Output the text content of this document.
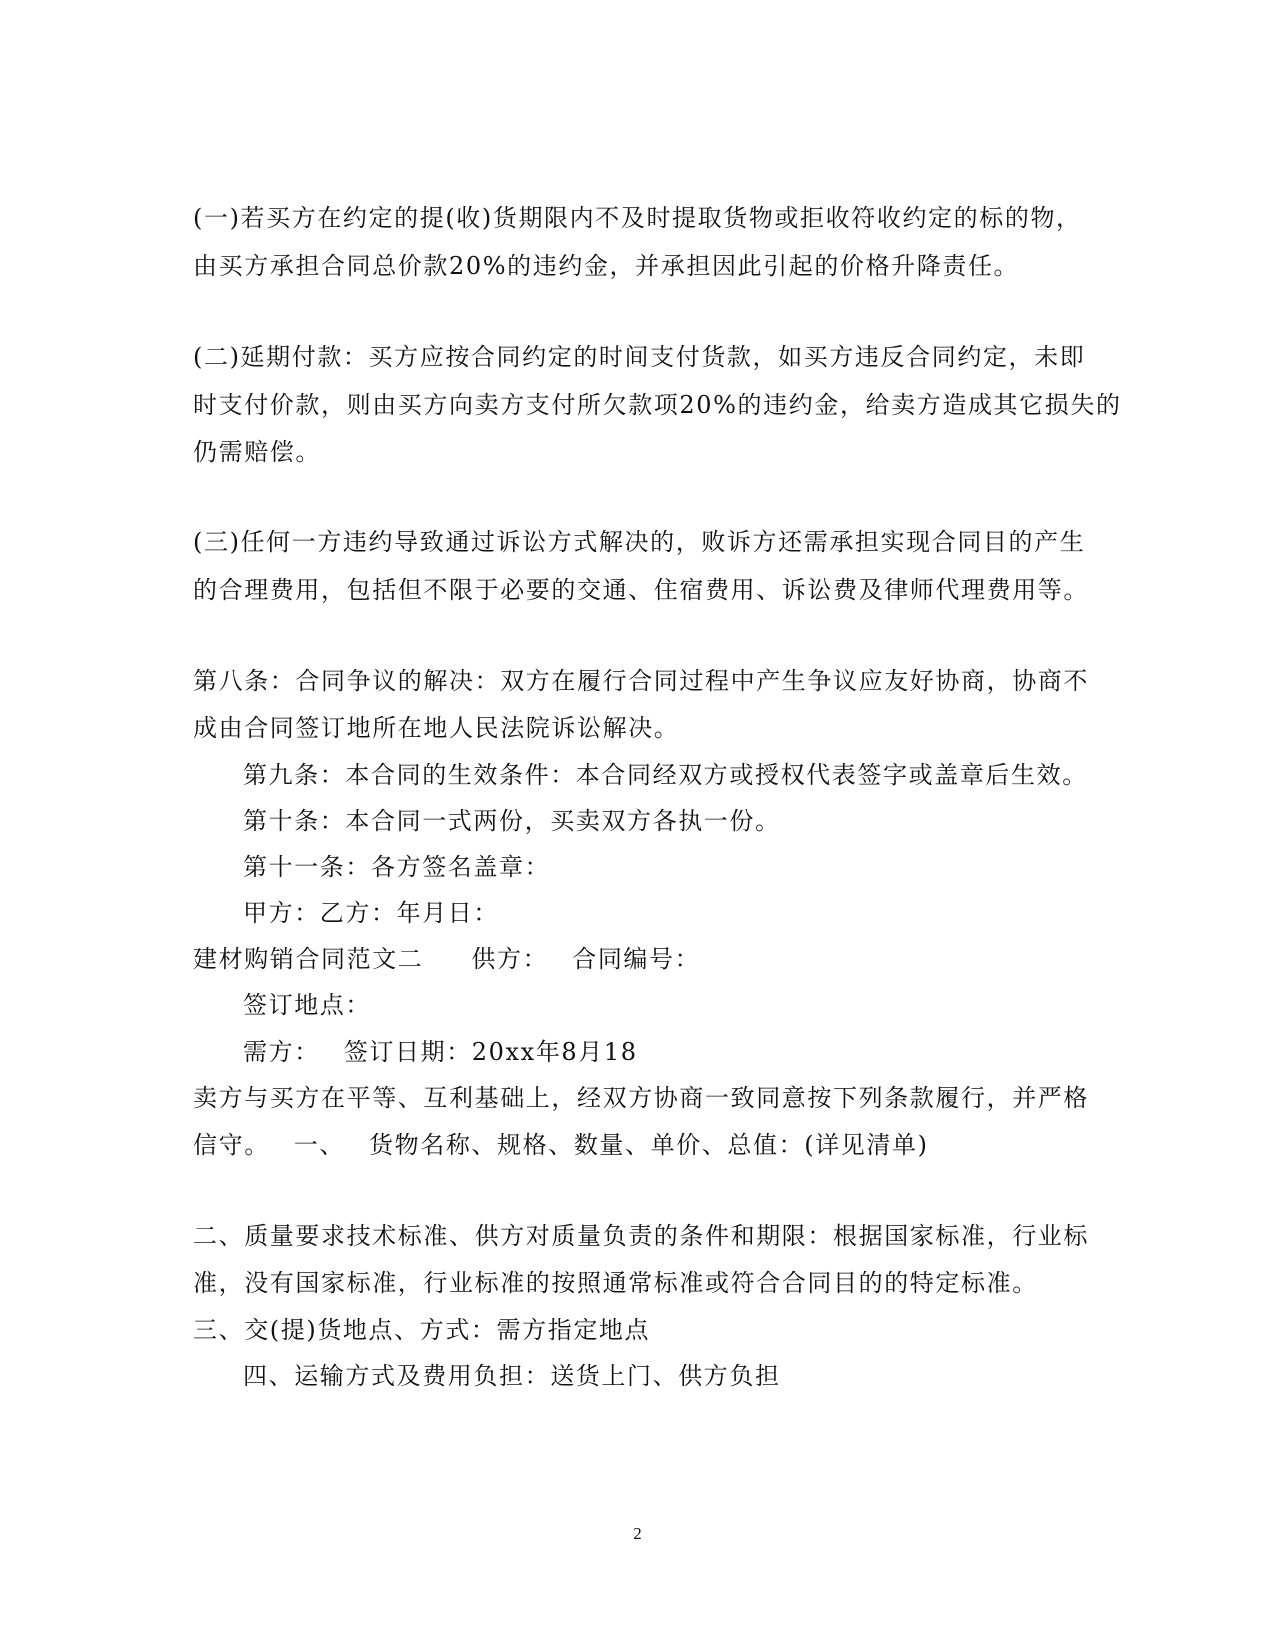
(一)若买方在约定的提(收)货期限内不及时提取货物或拒收符收约定的标的物，
由买方承担合同总价款20%的违约金，并承担因此引起的价格升降责任。
(二)延期付款：买方应按合同约定的时间支付货款，如买方违反合同约定，未即
时支付价款，则由买方向卖方支付所欠款项20%的违约金，给卖方造成其它损失的
仍需赔偿。
(三)任何一方违约导致通过诉讼方式解决的，败诉方还需承担实现合同目的产生
的合理费用，包括但不限于必要的交通、住宿费用、诉讼费及律师代理费用等。
第八条：合同争议的解决：双方在履行合同过程中产生争议应友好协商，协商不
成由合同签订地所在地人民法院诉讼解决。
第九条：本合同的生效条件：本合同经双方或授权代表签字或盖章后生效。
第十条：本合同一式两份，买卖双方各执一份。
第十一条：各方签名盖章：
甲方：乙方：年月日：
建材购销合同范文二 供方： 合同编号：
签订地点：
需方： 签订日期：20xx年8月18
卖方与买方在平等、互利基础上，经双方协商一致同意按下列条款履行，并严格
信守。 一、 货物名称、规格、数量、单价、总值：(详见清单)
二、质量要求技术标准、供方对质量负责的条件和期限：根据国家标准，行业标
准，没有国家标准，行业标准的按照通常标准或符合合同目的的特定标准。
三、交(提)货地点、方式：需方指定地点
四、运输方式及费用负担：送货上门、供方负担
2
